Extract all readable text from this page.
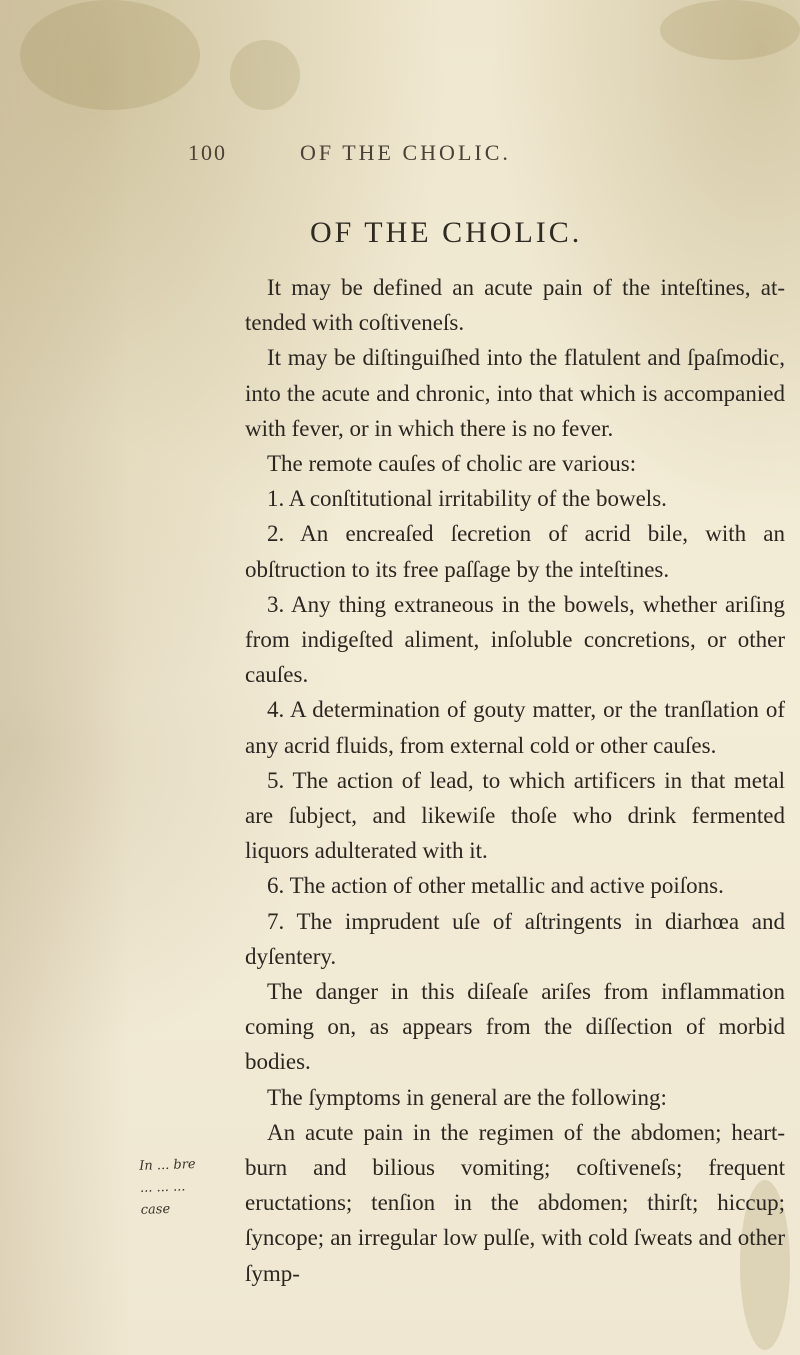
100	OF THE CHOLIC.
OF THE CHOLIC.

It may be defined an acute pain of the inteſtines, at-tended with coſtiveneſs.

It may be diſtinguiſhed into the flatulent and ſpaſmodic, into the acute and chronic, into that which is accompanied with fever, or in which there is no fever.

The remote cauſes of cholic are various:

1. A conſtitutional irritability of the bowels.

2. An encreaſed ſecretion of acrid bile, with an obſtruction to its free paſſage by the inteſtines.

3. Any thing extraneous in the bowels, whether ariſing from indigeſted aliment, inſoluble concretions, or other cauſes.

4. A determination of gouty matter, or the tranſlation of any acrid fluids, from external cold or other cauſes.

5. The action of lead, to which artificers in that metal are ſubject, and likewiſe thoſe who drink fermented liquors adulterated with it.

6. The action of other metallic and active poiſons.

7. The imprudent uſe of aſtringents in diarhœa and dyſentery.

The danger in this diſeaſe ariſes from inflammation coming on, as appears from the diſſection of morbid bodies.

The ſymptoms in general are the following:

An acute pain in the regimen of the abdomen; heart-burn and bilious vomiting; coſtiveneſs; frequent eructations; tenſion in the abdomen; thirſt; hiccup; ſyncope; an irregular low pulſe, with cold ſweats and other ſymp-

In ... bre
... ... ...
case
